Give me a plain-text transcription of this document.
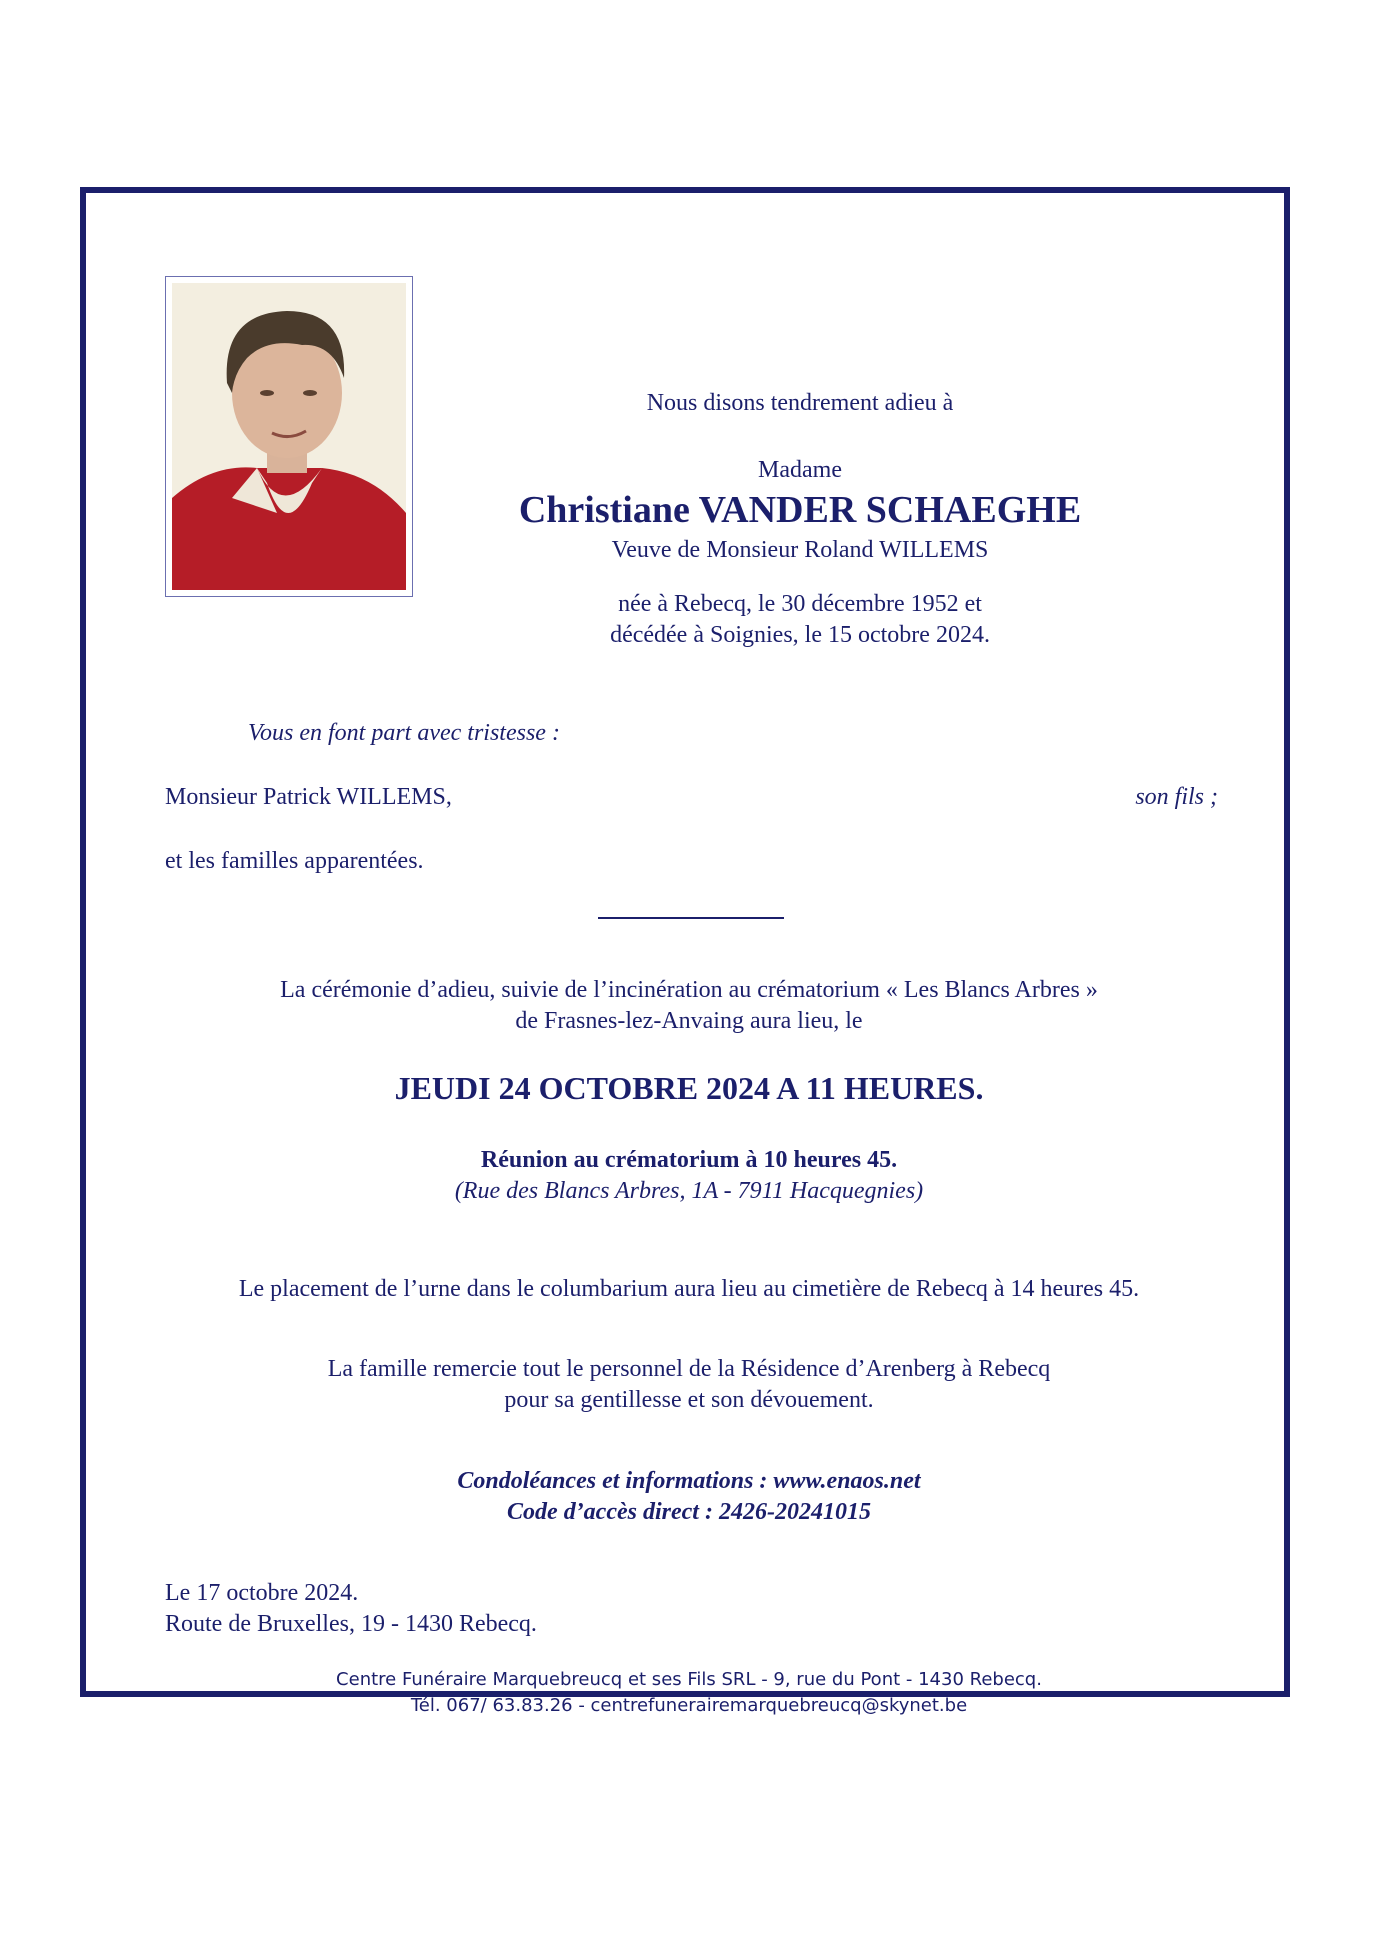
Nous disons tendrement adieu à
Madame
Christiane VANDER SCHAEGHE
Veuve de Monsieur Roland WILLEMS
née à Rebecq, le 30 décembre 1952 et
décédée à Soignies, le 15 octobre 2024.
Vous en font part avec tristesse :
Monsieur Patrick WILLEMS,	son fils ;
et les familles apparentées.
La cérémonie d’adieu, suivie de l’incinération au crématorium « Les Blancs Arbres »
de Frasnes-lez-Anvaing aura lieu, le
JEUDI 24 OCTOBRE 2024 A 11 HEURES.
Réunion au crématorium à 10 heures 45.
(Rue des Blancs Arbres, 1A - 7911 Hacquegnies)
Le placement de l’urne dans le columbarium aura lieu au cimetière de Rebecq à 14 heures 45.
La famille remercie tout le personnel de la Résidence d’Arenberg à Rebecq
pour sa gentillesse et son dévouement.
Condoléances et informations : www.enaos.net
Code d’accès direct : 2426-20241015
Le 17 octobre 2024.
Route de Bruxelles, 19 - 1430 Rebecq.
Centre Funéraire Marquebreucq et ses Fils SRL - 9, rue du Pont - 1430 Rebecq.
Tél. 067/ 63.83.26 - centrefunerairemarquebreucq@skynet.be
